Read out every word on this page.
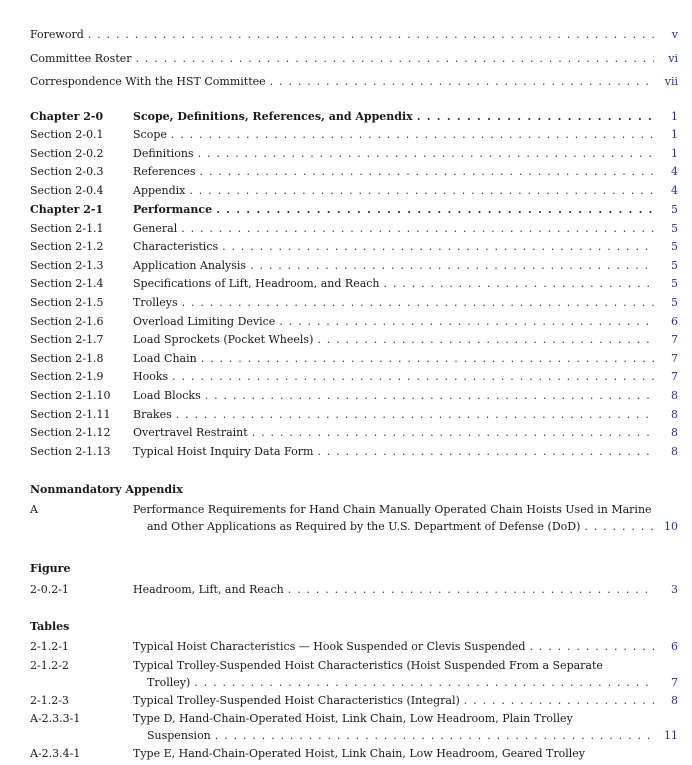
Foreword . . .	v
Committee Roster . . .	vi
Correspondence With the HST Committee . . .	vii
Chapter 2-0	Scope, Definitions, References, and Appendix . . .	1
Section 2-0.1	Scope . . .	1
Section 2-0.2	Definitions . . .	1
Section 2-0.3	References . . .	4
Section 2-0.4	Appendix . . .	4
Chapter 2-1	Performance . . .	5
Section 2-1.1	General . . .	5
Section 2-1.2	Characteristics . . .	5
Section 2-1.3	Application Analysis . . .	5
Section 2-1.4	Specifications of Lift, Headroom, and Reach . . .	5
Section 2-1.5	Trolleys . . .	5
Section 2-1.6	Overload Limiting Device . . .	6
Section 2-1.7	Load Sprockets (Pocket Wheels) . . .	7
Section 2-1.8	Load Chain . . .	7
Section 2-1.9	Hooks . . .	7
Section 2-1.10	Load Blocks . . .	8
Section 2-1.11	Brakes . . .	8
Section 2-1.12	Overtravel Restraint . . .	8
Section 2-1.13	Typical Hoist Inquiry Data Form . . .	8
Nonmandatory Appendix
A	Performance Requirements for Hand Chain Manually Operated Chain Hoists Used in Marine
and Other Applications as Required by the U.S. Department of Defense (DoD) . . .	10
Figure
2-0.2-1	Headroom, Lift, and Reach . . .	3
Tables
2-1.2-1	Typical Hoist Characteristics — Hook Suspended or Clevis Suspended . . .	6
2-1.2-2	Typical Trolley-Suspended Hoist Characteristics (Hoist Suspended From a Separate
Trolley) . . .	7
2-1.2-3	Typical Trolley-Suspended Hoist Characteristics (Integral) . . .	8
A-2.3.3-1	Type D, Hand-Chain-Operated Hoist, Link Chain, Low Headroom, Plain Trolley
Suspension . . .	11
A-2.3.4-1	Type E, Hand-Chain-Operated Hoist, Link Chain, Low Headroom, Geared Trolley
